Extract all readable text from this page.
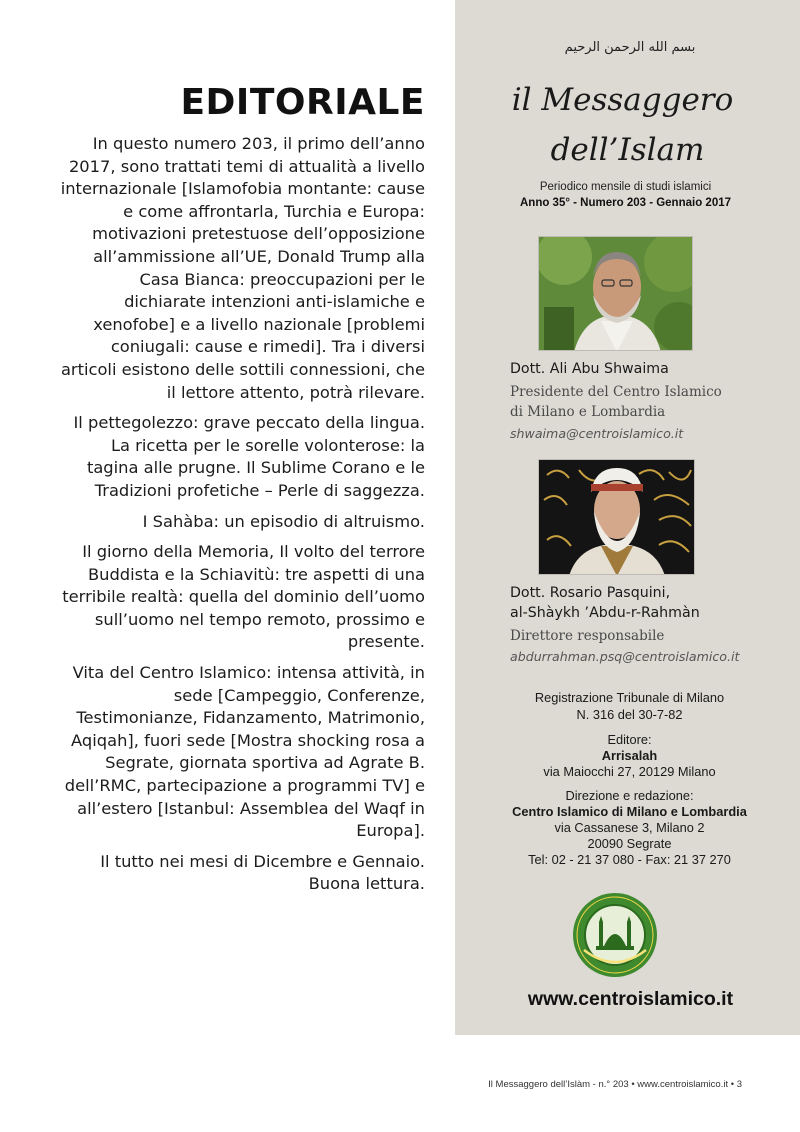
EDITORIALE

In questo numero 203, il primo dell’anno 2017, sono trattati temi di attualità a livello internazionale [Islamofobia montante: cause e come affrontarla, Turchia e Europa: motivazioni pretestuose dell’opposizione all’ammissione all’UE, Donald Trump alla Casa Bianca: preoccupazioni per le dichiarate intenzioni anti-islamiche e xenofobe] e a livello nazionale [problemi coniugali: cause e rimedi]. Tra i diversi articoli esistono delle sottili connessioni, che il lettore attento, potrà rilevare.

Il pettegolezzo: grave peccato della lingua. La ricetta per le sorelle volonterose: la tagina alle prugne. Il Sublime Corano e le Tradizioni profetiche – Perle di saggezza.

I Sahàba: un episodio di altruismo.

Il giorno della Memoria, Il volto del terrore Buddista e la Schiavitù: tre aspetti di una terribile realtà: quella del dominio dell’uomo sull’uomo nel tempo remoto, prossimo e presente.

Vita del Centro Islamico: intensa attività, in sede [Campeggio, Conferenze, Testimonianze, Fidanzamento, Matrimonio, Aqiqah], fuori sede [Mostra shocking rosa a Segrate, giornata sportiva ad Agrate B. dell’RMC, partecipazione a programmi TV] e all’estero [Istanbul: Assemblea del Waqf in Europa].

Il tutto nei mesi di Dicembre e Gennaio. Buona lettura.

بسم الله الرحمن الرحيم
il Messaggero
dell’Islam
Periodico mensile di studi islamici
Anno 35° - Numero 203 - Gennaio 2017
Dott. Ali Abu Shwaima
Presidente del Centro Islamico
di Milano e Lombardia
shwaima@centroislamico.it
Dott. Rosario Pasquini,
al-Shàykh ’Abdu-r-Rahmàn
Direttore responsabile
abdurrahman.psq@centroislamico.it
Registrazione Tribunale di Milano
N. 316 del 30-7-82
Editore:
Arrisalah
via Maiocchi 27, 20129 Milano
Direzione e redazione:
Centro Islamico di Milano e Lombardia
via Cassanese 3, Milano 2
20090 Segrate
Tel: 02 - 21 37 080 - Fax: 21 37 270
www.centroislamico.it
Il Messaggero dell’Islàm - n.° 203 • www.centroislamico.it • 3
